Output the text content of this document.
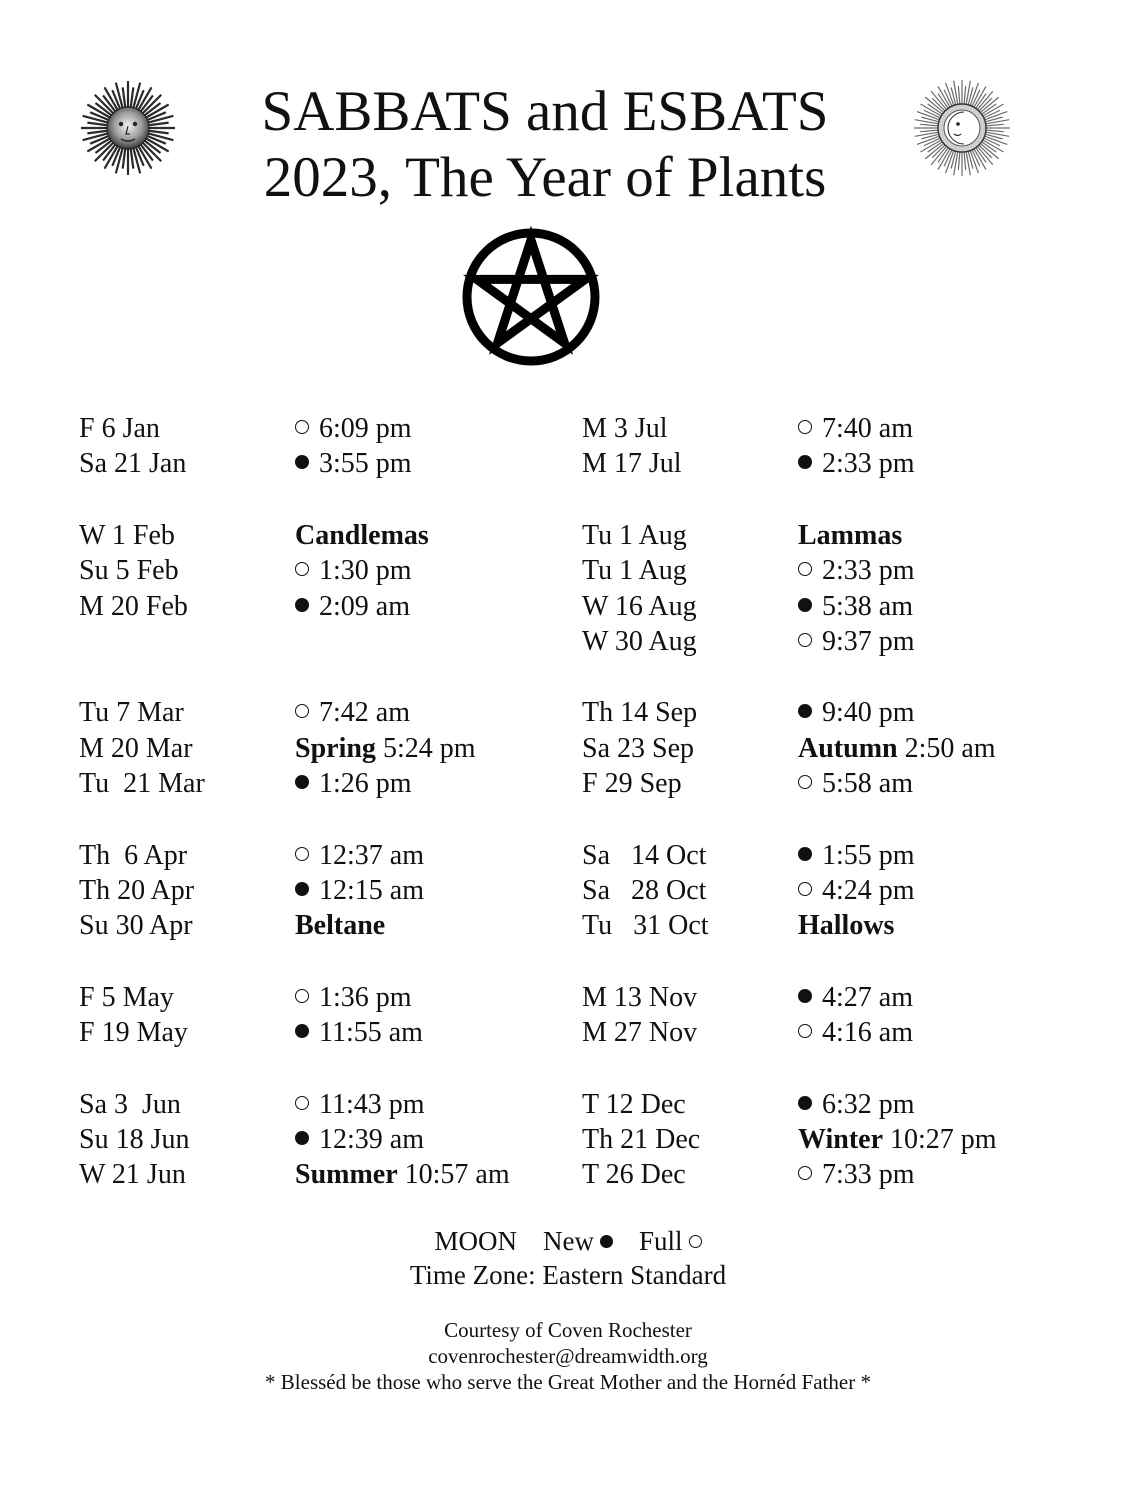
SABBATS and ESBATS
2023, The Year of Plants
F 6 Jan	6:09 pm
Sa 21 Jan	3:55 pm
W 1 Feb	Candlemas
Su 5 Feb	1:30 pm
M 20 Feb	2:09 am
Tu 7 Mar	7:42 am
M 20 Mar	Spring 5:24 pm
Tu  21 Mar	1:26 pm
Th  6 Apr	12:37 am
Th 20 Apr	12:15 am
Su 30 Apr	Beltane
F 5 May	1:36 pm
F 19 May	11:55 am
Sa 3  Jun	11:43 pm
Su 18 Jun	12:39 am
W 21 Jun	Summer 10:57 am
M 3 Jul	7:40 am
M 17 Jul	2:33 pm
Tu 1 Aug	Lammas
Tu 1 Aug	2:33 pm
W 16 Aug	5:38 am
W 30 Aug	9:37 pm
Th 14 Sep	9:40 pm
Sa 23 Sep	Autumn 2:50 am
F 29 Sep	5:58 am
Sa   14 Oct	1:55 pm
Sa   28 Oct	4:24 pm
Tu   31 Oct	Hallows
M 13 Nov	4:27 am
M 27 Nov	4:16 am
T 12 Dec	6:32 pm
Th 21 Dec	Winter 10:27 pm
T 26 Dec	7:33 pm
MOON New Full
Time Zone: Eastern Standard
Courtesy of Coven Rochester
covenrochester@dreamwidth.org
* Blesséd be those who serve the Great Mother and the Hornéd Father *
